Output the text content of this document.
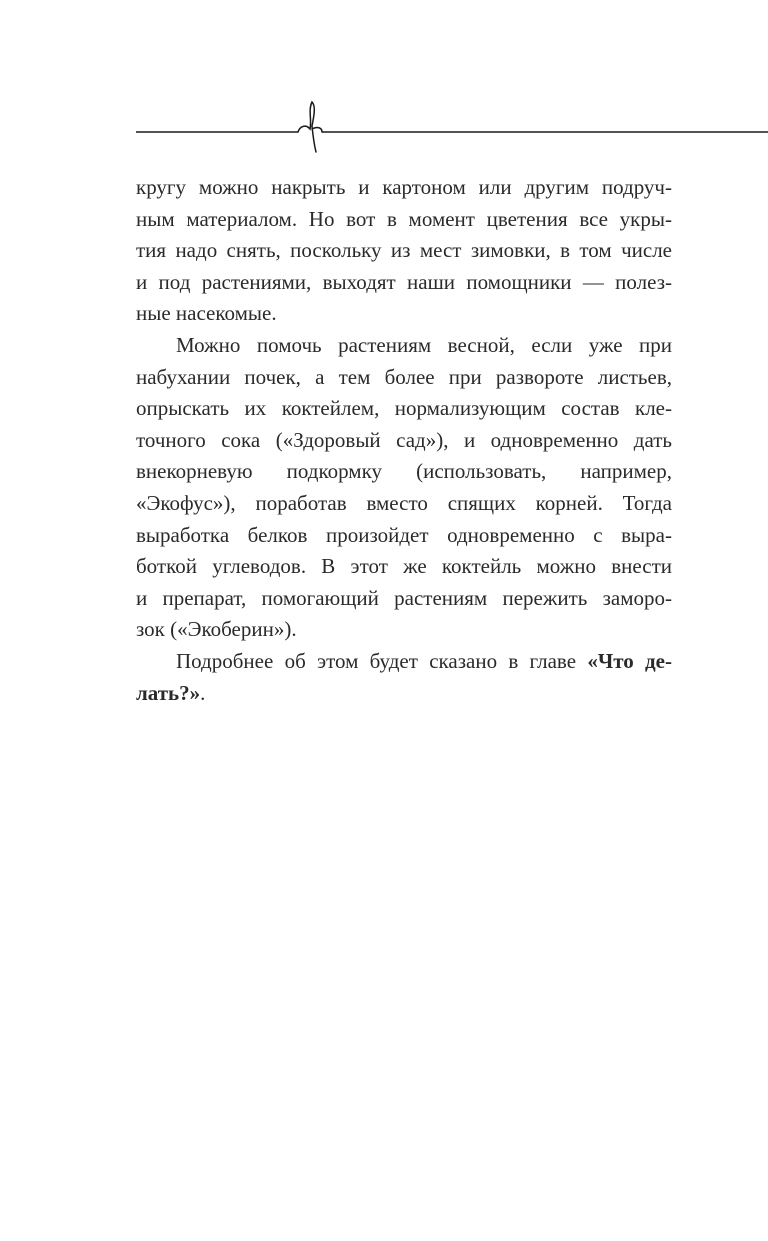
кругу можно накрыть и картоном или другим подруч-
ным материалом. Но вот в момент цветения все укры-
тия надо снять, поскольку из мест зимовки, в том числе
и под растениями, выходят наши помощники — полез-
ные насекомые.
Можно помочь растениям весной, если уже при
набухании почек, а тем более при развороте листьев,
опрыскать их коктейлем, нормализующим состав кле-
точного сока («Здоровый сад»), и одновременно дать
внекорневую подкормку (использовать, например,
«Экофус»), поработав вместо спящих корней. Тогда
выработка белков произойдет одновременно с выра-
боткой углеводов. В этот же коктейль можно внести
и препарат, помогающий растениям пережить замоpo-
зок («Экоберин»).
Подробнее об этом будет сказано в главе «Что де-
лать?».
